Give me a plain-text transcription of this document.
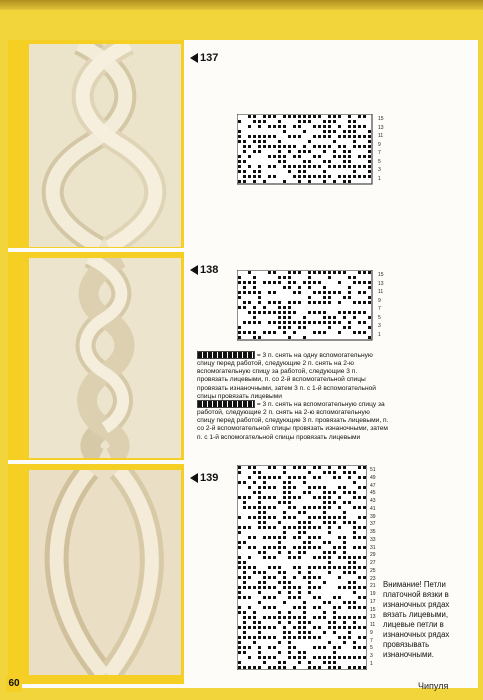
137
138
139
15
13
11
9
7
5
3
1
15
13
11
9
7
5
3
1
51
49
47
45
43
41
39
37
35
33
31
29
27
25
23
21
19
17
15
13
11
9
7
5
3
1
= 3 п. снять на одну вспомогательную спицу перед работой, следующие 2 п. снять на 2-ю вспомогательную спицу за работой, следующие 3 п. провязать лицевыми, п. со 2-й вспомогательной спицы провязать изнаночными, затем 3 п. с 1-й вспомогательной спицы провязать лицевыми
= 3 п. снять на вспомогательную спицу за работой, следующие 2 п. снять на 2-ю вспомогательную спицу перед работой, следующие 3 п. провязать лицевыми, п. со 2-й вспомогательной спицы провязать изнаночными, затем п. с 1-й вспомогательной спицы провязать лицевыми
Внимание! Петли платочной вязки в изнаночных рядах вязать лицевыми, лицевые петли в изнаночных рядах провязывать изнаночными.
60	Чипуля
